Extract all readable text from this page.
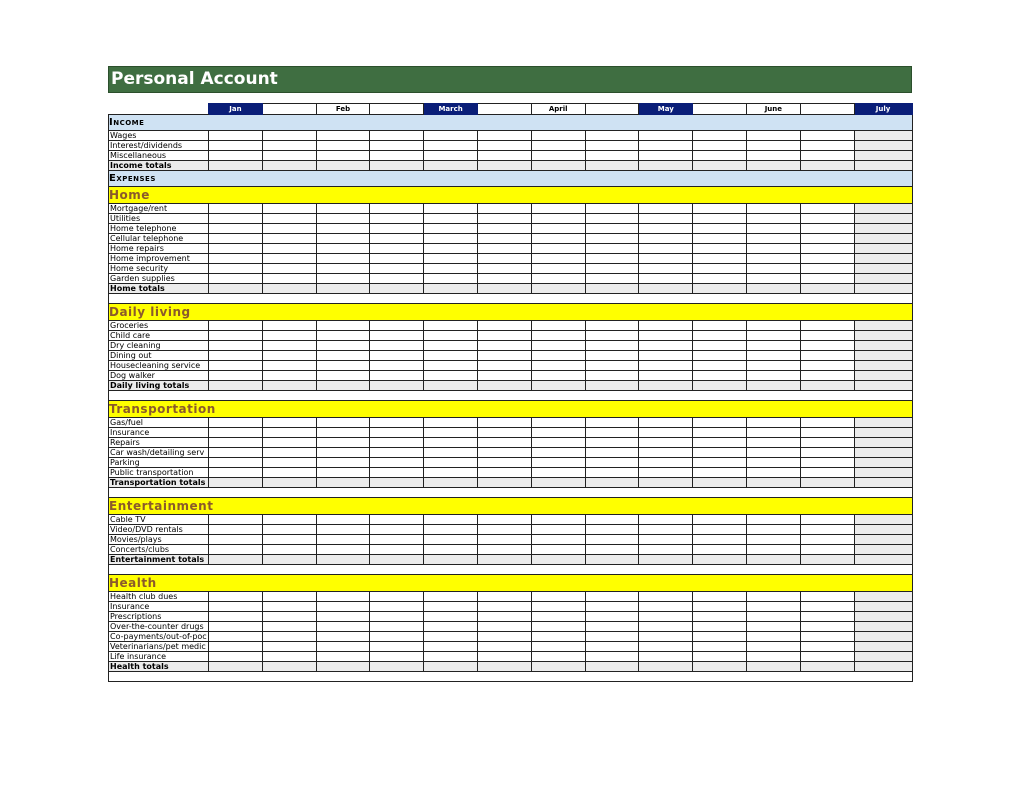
Personal Account
	Jan		Feb		March		April		May		June		July
Income													
Wages													
Interest/dividends													
Miscellaneous													
Income totals													
Expenses													
Home													
Mortgage/rent													
Utilities													
Home telephone													
Cellular telephone													
Home repairs													
Home improvement													
Home security													
Garden supplies													
Home totals													

Daily living													
Groceries													
Child care													
Dry cleaning													
Dining out													
Housecleaning service													
Dog walker													
Daily living totals													

Transportation													
Gas/fuel													
Insurance													
Repairs													
Car wash/detailing serv													
Parking													
Public transportation													
Transportation totals													

Entertainment													
Cable TV													
Video/DVD rentals													
Movies/plays													
Concerts/clubs													
Entertainment totals													

Health													
Health club dues													
Insurance													
Prescriptions													
Over-the-counter drugs													
Co-payments/out-of-poc													
Veterinarians/pet medic													
Life insurance													
Health totals													
